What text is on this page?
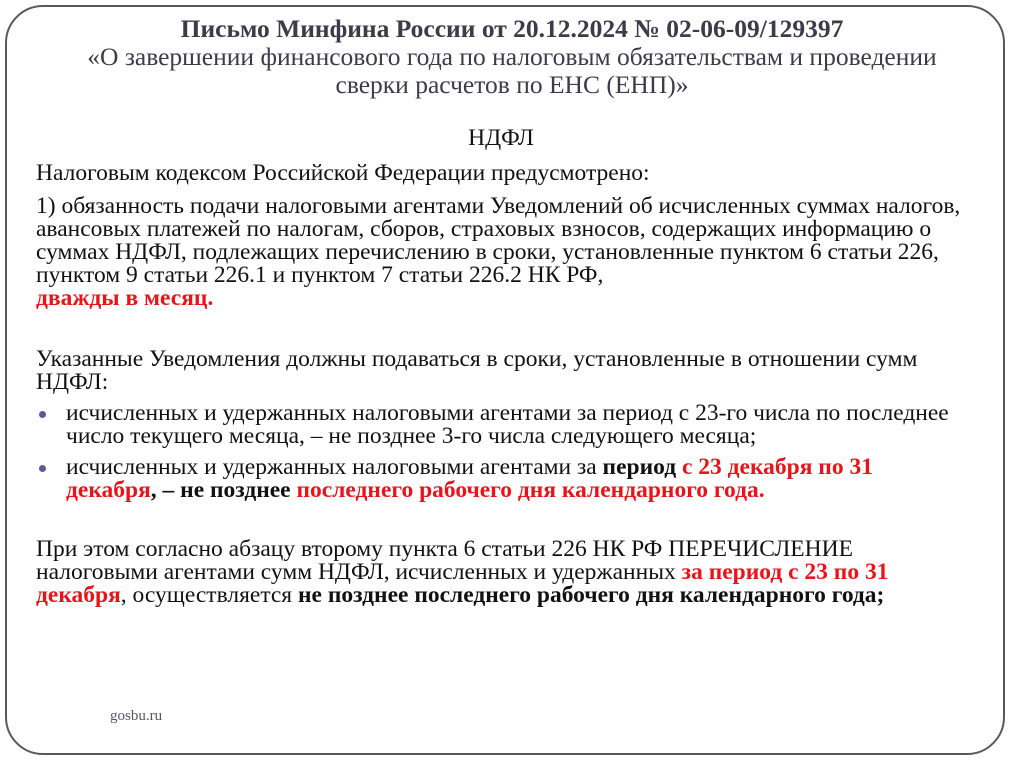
Письмо Минфина России от 20.12.2024 № 02-06-09/129397
«О завершении финансового года по налоговым обязательствам и проведении
сверки расчетов по ЕНС (ЕНП)»
НДФЛ

Налоговым кодексом Российской Федерации предусмотрено:

1) обязанность подачи налоговыми агентами Уведомлений об исчисленных суммах налогов, авансовых платежей по налогам, сборов, страховых взносов, содержащих информацию о суммах НДФЛ, подлежащих перечислению в сроки, установленные пунктом 6 статьи 226, пунктом 9 статьи 226.1 и пунктом 7 статьи 226.2 НК РФ,
дважды в месяц.

Указанные Уведомления должны подаваться в сроки, установленные в отношении сумм НДФЛ:

исчисленных и удержанных налоговыми агентами за период с 23-го числа по последнее число текущего месяца, – не позднее 3-го числа следующего месяца;
исчисленных и удержанных налоговыми агентами за период с 23 декабря по 31 декабря, – не позднее последнего рабочего дня календарного года.

При этом согласно абзацу второму пункта 6 статьи 226 НК РФ ПЕРЕЧИСЛЕНИЕ налоговыми агентами сумм НДФЛ, исчисленных и удержанных за период с 23 по 31 декабря, осуществляется не позднее последнего рабочего дня календарного года;

gosbu.ru
